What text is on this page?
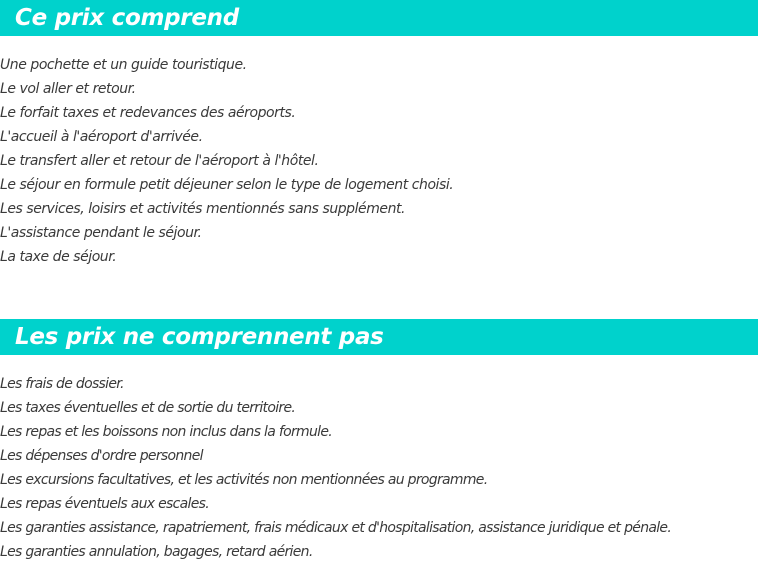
Ce prix comprend
Une pochette et un guide touristique.
Le vol aller et retour.
Le forfait taxes et redevances des aéroports.
L'accueil à l'aéroport d'arrivée.
Le transfert aller et retour de l'aéroport à l'hôtel.
Le séjour en formule petit déjeuner selon le type de logement choisi.
Les services, loisirs et activités mentionnés sans supplément.
L'assistance pendant le séjour.
La taxe de séjour.
Les prix ne comprennent pas
Les frais de dossier.
Les taxes éventuelles et de sortie du territoire.
Les repas et les boissons non inclus dans la formule.
Les dépenses d'ordre personnel
Les excursions facultatives, et les activités non mentionnées au programme.
Les repas éventuels aux escales.
Les garanties assistance, rapatriement, frais médicaux et d'hospitalisation, assistance juridique et pénale.
Les garanties annulation, bagages, retard aérien.
